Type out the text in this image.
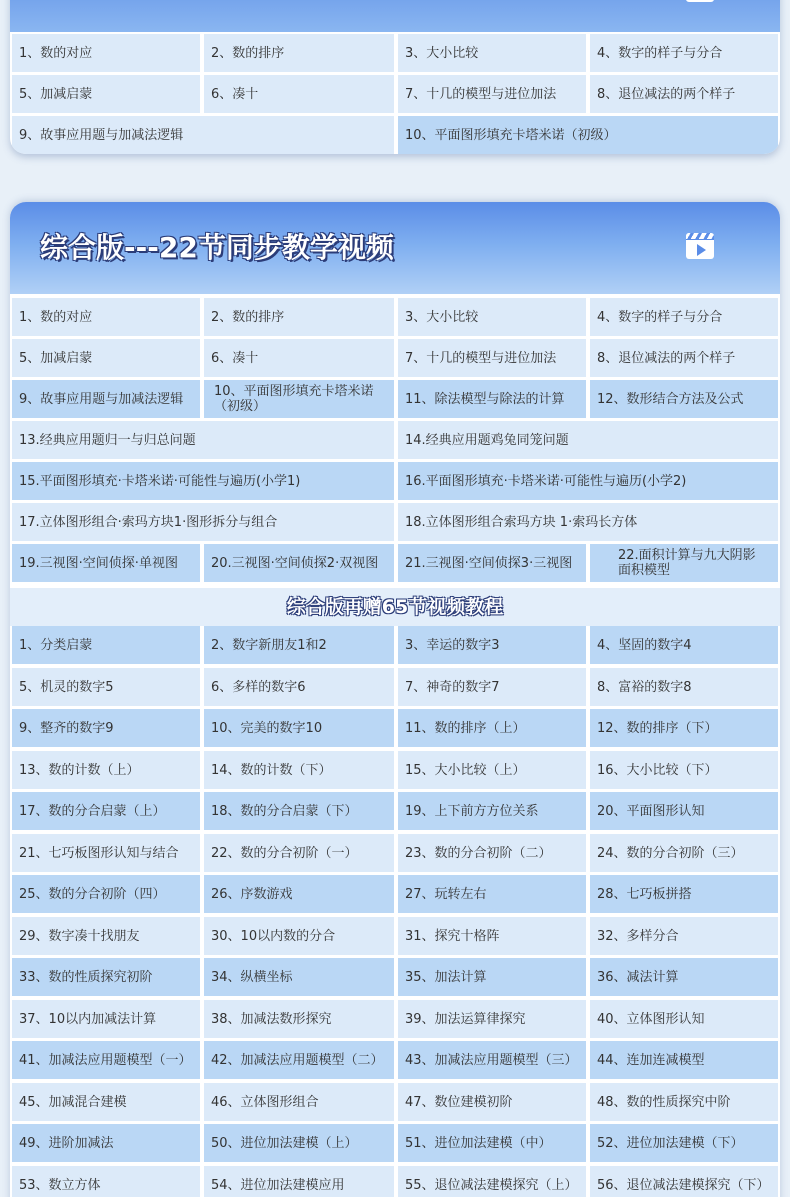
1、数的对应	2、数的排序	3、大小比较	4、数字的样子与分合
5、加减启蒙	6、凑十	7、十几的模型与进位加法	8、退位减法的两个样子
9、故事应用题与加减法逻辑	10、平面图形填充卡塔米诺（初级）
综合版---22节同步教学视频
1、数的对应	2、数的排序	3、大小比较	4、数字的样子与分合
5、加减启蒙	6、凑十	7、十几的模型与进位加法	8、退位减法的两个样子
9、故事应用题与加减法逻辑	10、平面图形填充卡塔米诺（初级）	11、除法模型与除法的计算	12、数形结合方法及公式
13.经典应用题归一与归总问题	14.经典应用题鸡兔同笼问题
15.平面图形填充·卡塔米诺·可能性与遍历(小学1)	16.平面图形填充·卡塔米诺·可能性与遍历(小学2)
17.立体图形组合·索玛方块1·图形拆分与组合	18.立体图形组合索玛方块 1·索玛长方体
19.三视图·空间侦探·单视图	20.三视图·空间侦探2·双视图	21.三视图·空间侦探3·三视图	22.面积计算与九大阴影面积模型
综合版再赠65节视频教程
1、分类启蒙	2、数字新朋友1和2	3、幸运的数字3	4、坚固的数字4
5、机灵的数字5	6、多样的数字6	7、神奇的数字7	8、富裕的数字8
9、整齐的数字9	10、完美的数字10	11、数的排序（上）	12、数的排序（下）
13、数的计数（上）	14、数的计数（下）	15、大小比较（上）	16、大小比较（下）
17、数的分合启蒙（上）	18、数的分合启蒙（下）	19、上下前方方位关系	20、平面图形认知
21、七巧板图形认知与结合	22、数的分合初阶（一）	23、数的分合初阶（二）	24、数的分合初阶（三）
25、数的分合初阶（四）	26、序数游戏	27、玩转左右	28、七巧板拼搭
29、数字凑十找朋友	30、10以内数的分合	31、探究十格阵	32、多样分合
33、数的性质探究初阶	34、纵横坐标	35、加法计算	36、减法计算
37、10以内加减法计算	38、加减法数形探究	39、加法运算律探究	40、立体图形认知
41、加减法应用题模型（一）	42、加减法应用题模型（二）	43、加减法应用题模型（三）	44、连加连减模型
45、加减混合建模	46、立体图形组合	47、数位建模初阶	48、数的性质探究中阶
49、进阶加减法	50、进位加法建模（上）	51、进位加法建模（中）	52、进位加法建模（下）
53、数立方体	54、进位加法建模应用	55、退位减法建模探究（上）	56、退位减法建模探究（下）
